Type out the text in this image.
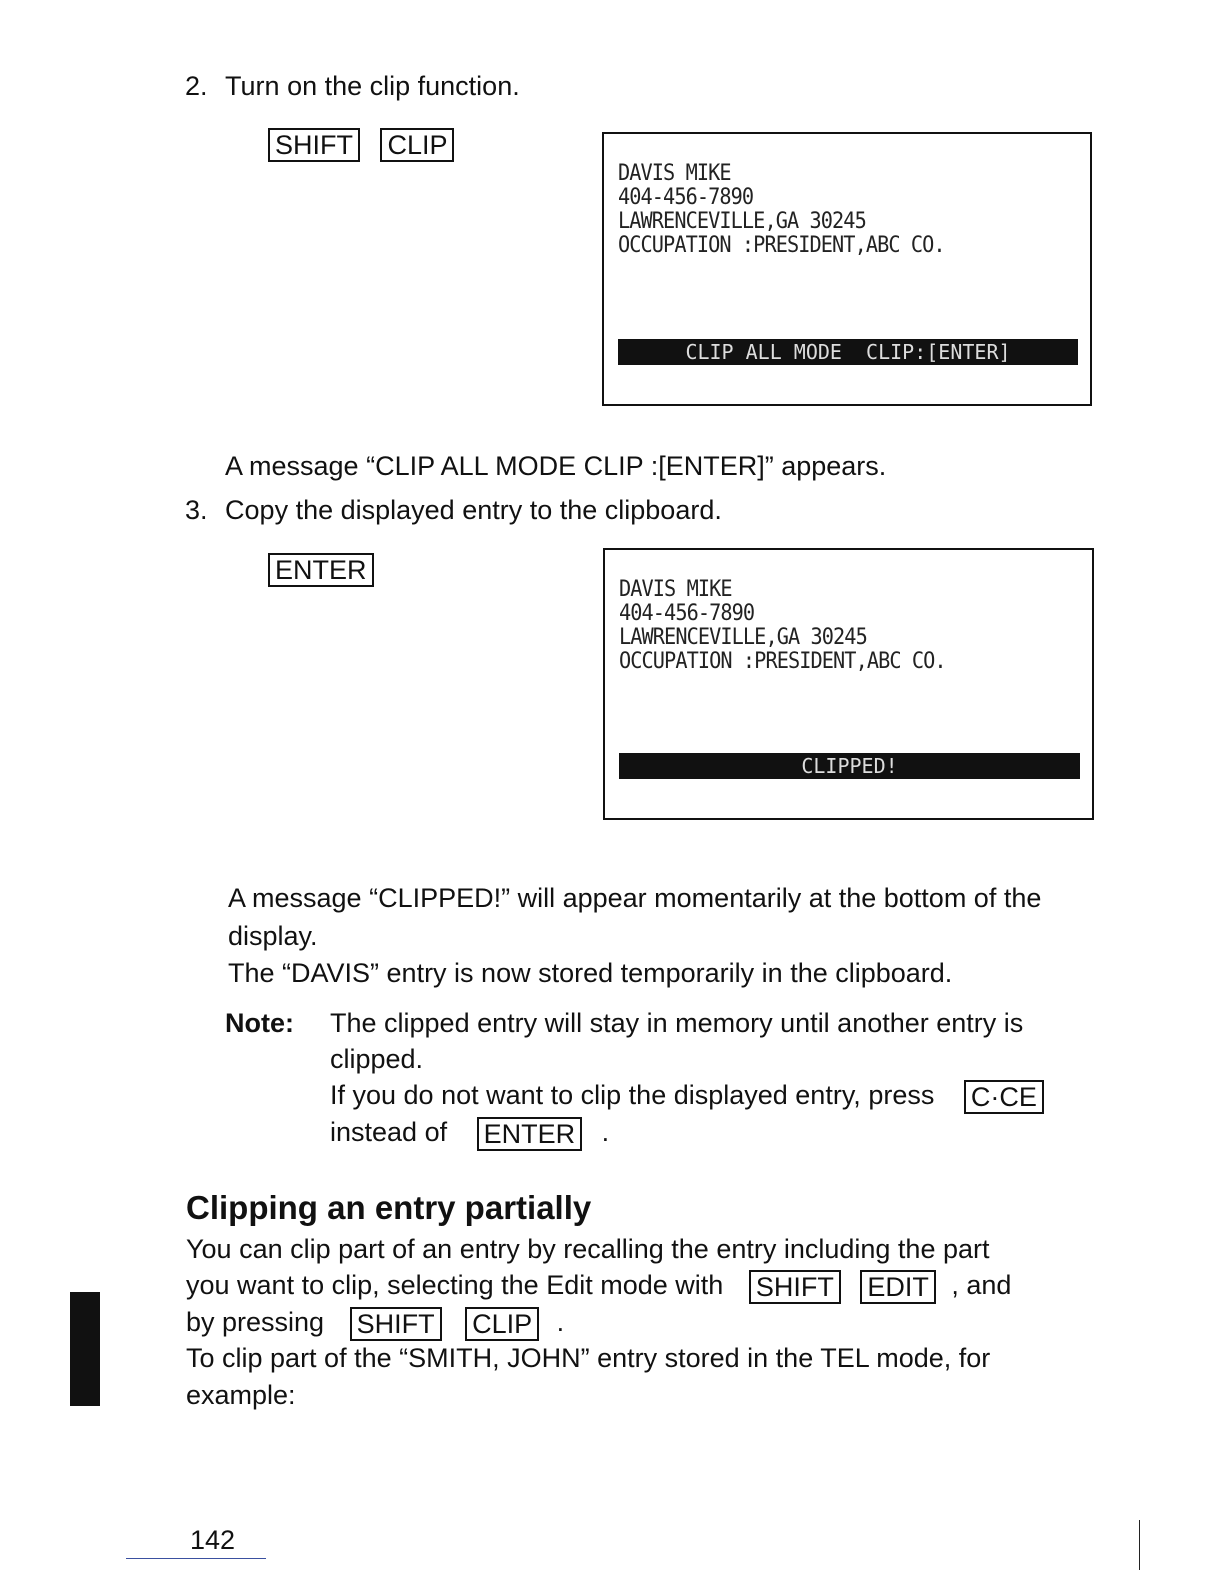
2. Turn on the clip function.
SHIFT CLIP
DAVIS MIKE
404-456-7890
LAWRENCEVILLE,GA 30245
OCCUPATION :PRESIDENT,ABC CO.
CLIP ALL MODE  CLIP:[ENTER]
A message “CLIP ALL MODE CLIP :[ENTER]” appears.
3. Copy the displayed entry to the clipboard.
ENTER
DAVIS MIKE
404-456-7890
LAWRENCEVILLE,GA 30245
OCCUPATION :PRESIDENT,ABC CO.
CLIPPED!
A message “CLIPPED!” will appear momentarily at the bottom of the
display.
The “DAVIS” entry is now stored temporarily in the clipboard.
Note: The clipped entry will stay in memory until another entry is
clipped.
If you do not want to clip the displayed entry, press C·CE
instead of ENTER .
Clipping an entry partially
You can clip part of an entry by recalling the entry including the part
you want to clip, selecting the Edit mode with SHIFT EDIT , and
by pressing SHIFT CLIP .
To clip part of the “SMITH, JOHN” entry stored in the TEL mode, for
example:
142
